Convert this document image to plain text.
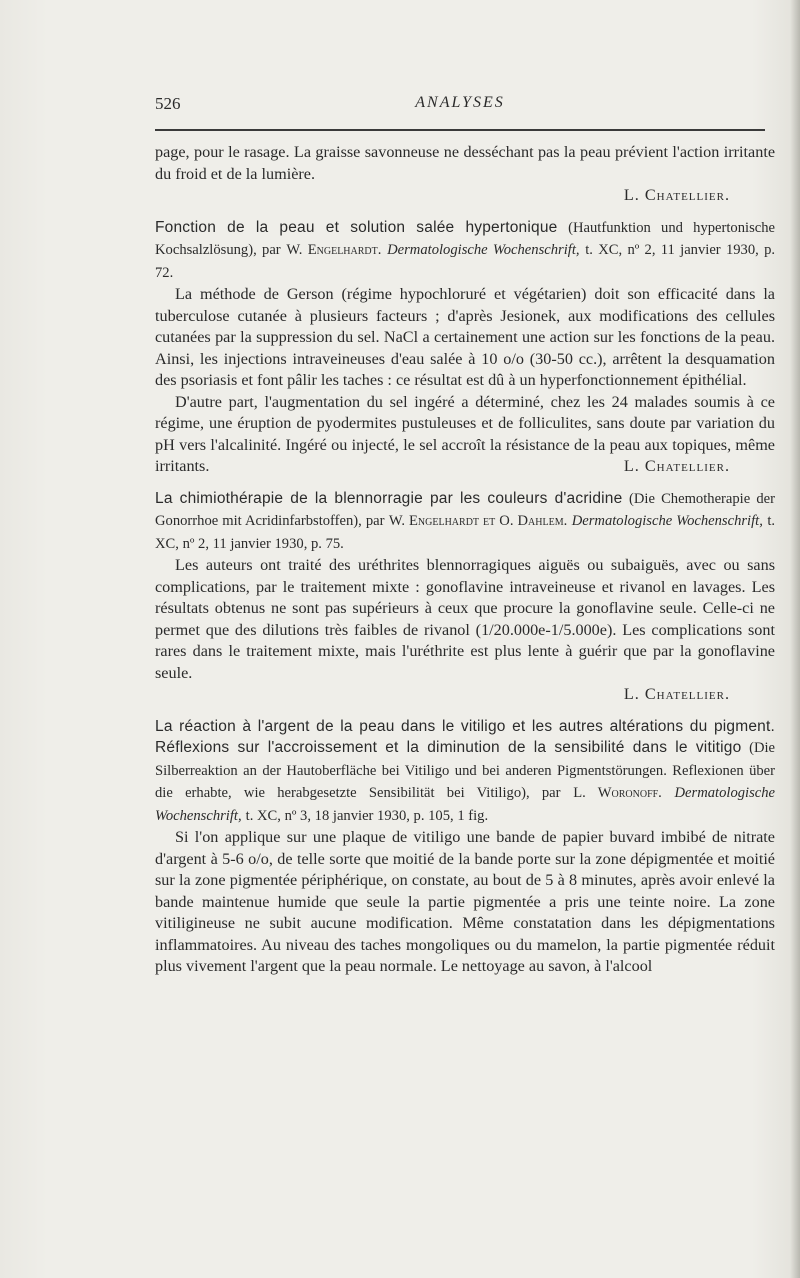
526	ANALYSES

page, pour le rasage. La graisse savonneuse ne desséchant pas la peau prévient l'action irritante du froid et de la lumière.

L. Chatellier.

Fonction de la peau et solution salée hypertonique (Hautfunktion und hypertonische Kochsalzlösung), par W. Engelhardt. Dermatologische Wochenschrift, t. XC, nº 2, 11 janvier 1930, p. 72.

La méthode de Gerson (régime hypochloruré et végétarien) doit son efficacité dans la tuberculose cutanée à plusieurs facteurs ; d'après Jesionek, aux modifications des cellules cutanées par la suppression du sel. NaCl a certainement une action sur les fonctions de la peau. Ainsi, les injections intraveineuses d'eau salée à 10 o/o (30-50 cc.), arrêtent la desquamation des psoriasis et font pâlir les taches : ce résultat est dû à un hyperfonctionnement épithélial.

D'autre part, l'augmentation du sel ingéré a déterminé, chez les 24 malades soumis à ce régime, une éruption de pyodermites pustuleuses et de folliculites, sans doute par variation du pH vers l'alcalinité. Ingéré ou injecté, le sel accroît la résistance de la peau aux topiques, même irritants.	L. Chatellier.

La chimiothérapie de la blennorragie par les couleurs d'acridine (Die Chemotherapie der Gonorrhoe mit Acridinfarbstoffen), par W. Engelhardt et O. Dahlem. Dermatologische Wochenschrift, t. XC, nº 2, 11 janvier 1930, p. 75.

Les auteurs ont traité des uréthrites blennorragiques aiguës ou subaiguës, avec ou sans complications, par le traitement mixte : gonoflavine intraveineuse et rivanol en lavages. Les résultats obtenus ne sont pas supérieurs à ceux que procure la gonoflavine seule. Celle-ci ne permet que des dilutions très faibles de rivanol (1/20.000e-1/5.000e). Les complications sont rares dans le traitement mixte, mais l'uréthrite est plus lente à guérir que par la gonoflavine seule.

L. Chatellier.

La réaction à l'argent de la peau dans le vitiligo et les autres altérations du pigment. Réflexions sur l'accroissement et la diminution de la sensibilité dans le vititigo (Die Silberreaktion an der Hautoberfläche bei Vitiligo und bei anderen Pigmentstörungen. Reflexionen über die erhabte, wie herabgesetzte Sensibilität bei Vitiligo), par L. Woronoff. Dermatologische Wochenschrift, t. XC, nº 3, 18 janvier 1930, p. 105, 1 fig.

Si l'on applique sur une plaque de vitiligo une bande de papier buvard imbibé de nitrate d'argent à 5-6 o/o, de telle sorte que moitié de la bande porte sur la zone dépigmentée et moitié sur la zone pigmentée périphérique, on constate, au bout de 5 à 8 minutes, après avoir enlevé la bande maintenue humide que seule la partie pigmentée a pris une teinte noire. La zone vitiligineuse ne subit aucune modification. Même constatation dans les dépigmentations inflammatoires. Au niveau des taches mongoliques ou du mamelon, la partie pigmentée réduit plus vivement l'argent que la peau normale. Le nettoyage au savon, à l'alcool
